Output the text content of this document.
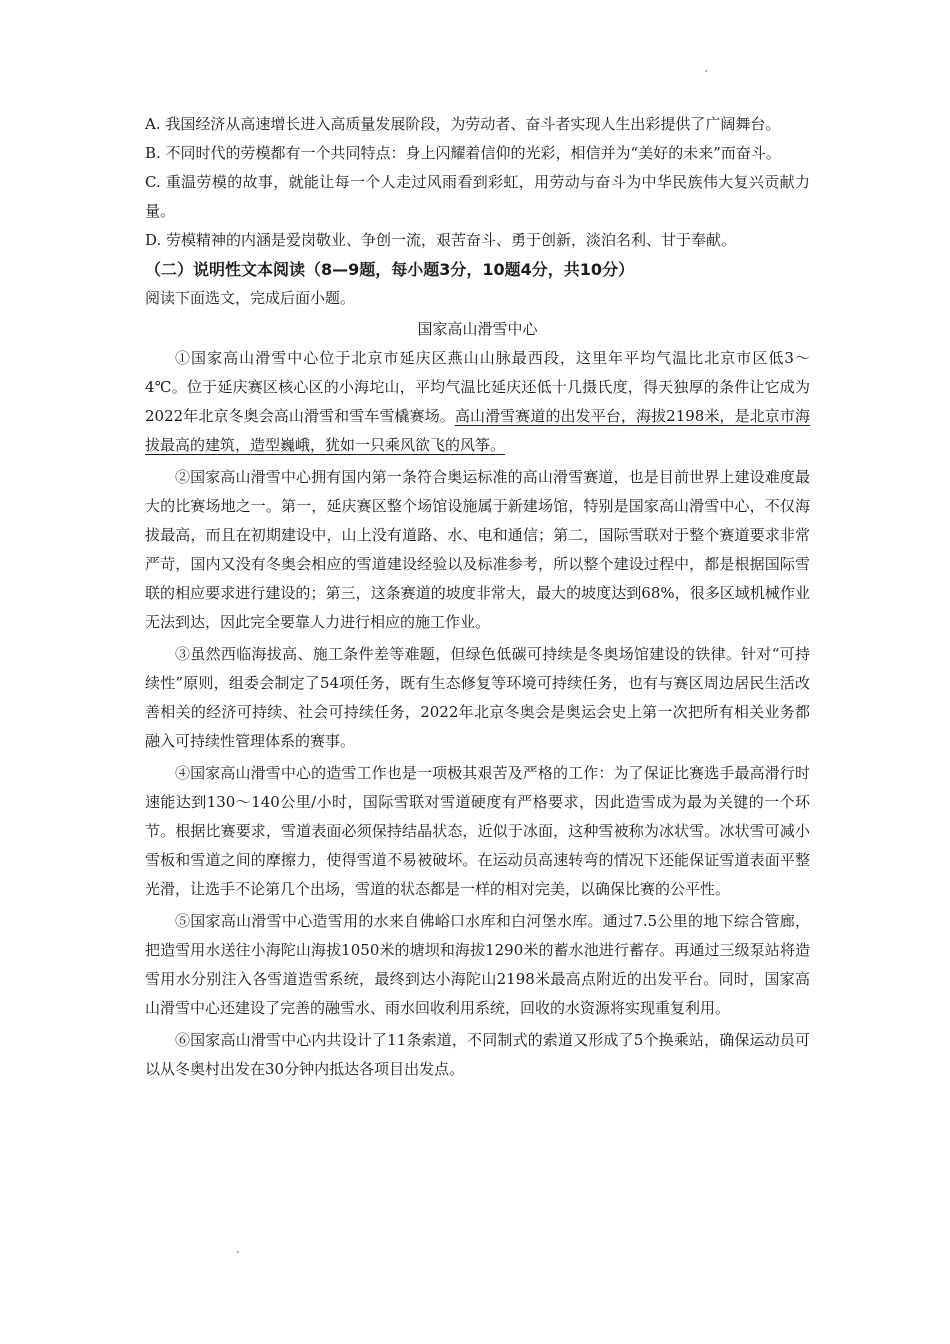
A. 我国经济从高速增长进入高质量发展阶段，为劳动者、奋斗者实现人生出彩提供了广阔舞台。

B. 不同时代的劳模都有一个共同特点：身上闪耀着信仰的光彩，相信并为“美好的未来”而奋斗。

C. 重温劳模的故事，就能让每一个人走过风雨看到彩虹，用劳动与奋斗为中华民族伟大复兴贡献力量。

D. 劳模精神的内涵是爱岗敬业、争创一流，艰苦奋斗、勇于创新，淡泊名利、甘于奉献。

（二）说明性文本阅读（8—9题，每小题3分，10题4分，共10分）

阅读下面选文，完成后面小题。

国家高山滑雪中心

①国家高山滑雪中心位于北京市延庆区燕山山脉最西段，这里年平均气温比北京市区低3～4℃。位于延庆赛区核心区的小海坨山，平均气温比延庆还低十几摄氏度，得天独厚的条件让它成为2022年北京冬奥会高山滑雪和雪车雪橇赛场。高山滑雪赛道的出发平台，海拔2198米，是北京市海拔最高的建筑，造型巍峨，犹如一只乘风欲飞的风筝。

②国家高山滑雪中心拥有国内第一条符合奥运标准的高山滑雪赛道，也是目前世界上建设难度最大的比赛场地之一。第一，延庆赛区整个场馆设施属于新建场馆，特别是国家高山滑雪中心，不仅海拔最高，而且在初期建设中，山上没有道路、水、电和通信；第二，国际雪联对于整个赛道要求非常严苛，国内又没有冬奥会相应的雪道建设经验以及标准参考，所以整个建设过程中，都是根据国际雪联的相应要求进行建设的；第三，这条赛道的坡度非常大，最大的坡度达到68%，很多区域机械作业无法到达，因此完全要靠人力进行相应的施工作业。

③虽然西临海拔高、施工条件差等难题，但绿色低碳可持续是冬奥场馆建设的铁律。针对“可持续性”原则，组委会制定了54项任务，既有生态修复等环境可持续任务，也有与赛区周边居民生活改善相关的经济可持续、社会可持续任务，2022年北京冬奥会是奥运会史上第一次把所有相关业务都融入可持续性管理体系的赛事。

④国家高山滑雪中心的造雪工作也是一项极其艰苦及严格的工作：为了保证比赛选手最高滑行时速能达到130～140公里/小时，国际雪联对雪道硬度有严格要求，因此造雪成为最为关键的一个环节。根据比赛要求，雪道表面必须保持结晶状态，近似于冰面，这种雪被称为冰状雪。冰状雪可减小雪板和雪道之间的摩擦力，使得雪道不易被破坏。在运动员高速转弯的情况下还能保证雪道表面平整光滑，让选手不论第几个出场，雪道的状态都是一样的相对完美，以确保比赛的公平性。

⑤国家高山滑雪中心造雪用的水来自佛峪口水库和白河堡水库。通过7.5公里的地下综合管廊，把造雪用水送往小海陀山海拔1050米的塘坝和海拔1290米的蓄水池进行蓄存。再通过三级泵站将造雪用水分别注入各雪道造雪系统，最终到达小海陀山2198米最高点附近的出发平台。同时，国家高山滑雪中心还建设了完善的融雪水、雨水回收利用系统，回收的水资源将实现重复利用。

⑥国家高山滑雪中心内共设计了11条索道，不同制式的索道又形成了5个换乘站，确保运动员可以从冬奥村出发在30分钟内抵达各项目出发点。
